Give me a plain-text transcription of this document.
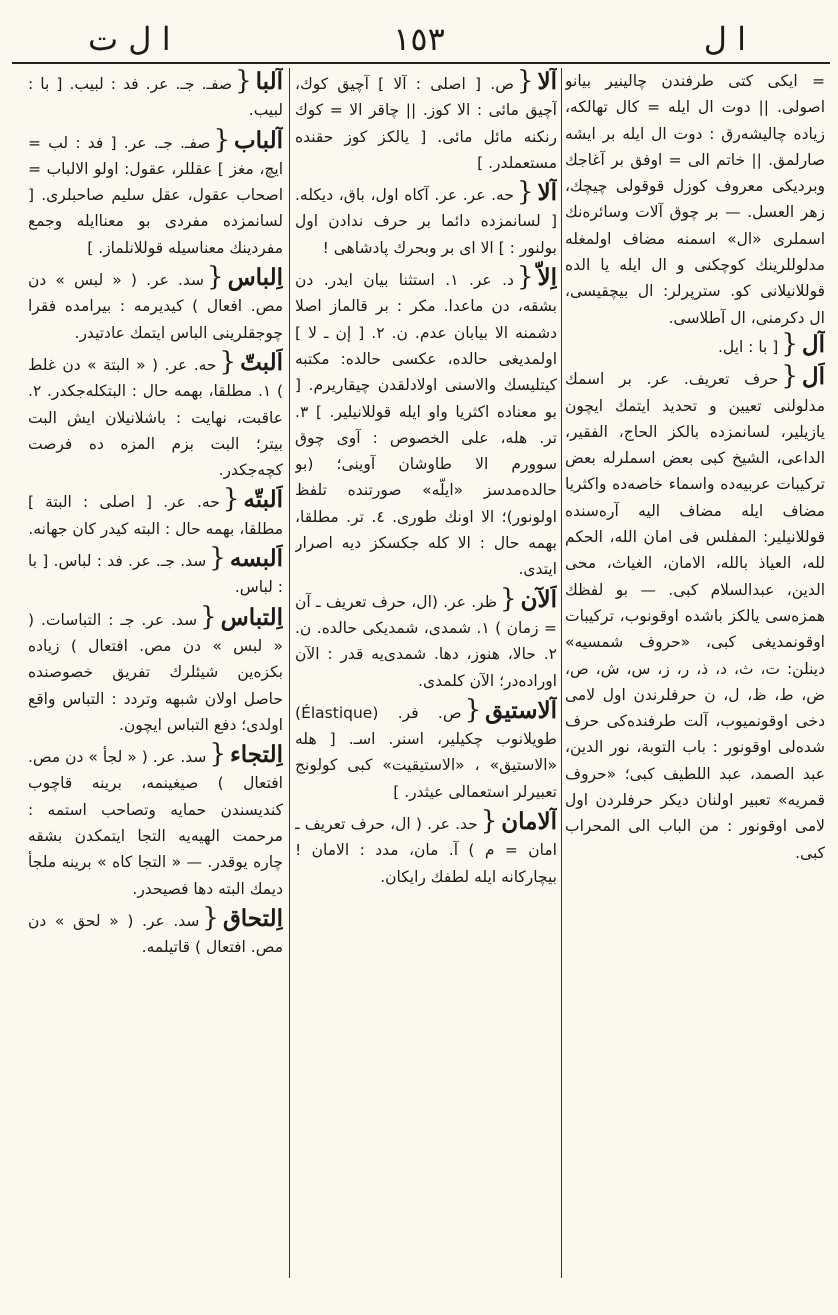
ا ل
١٥٣
ا ل ت

= ایکی کتی طرفندن چالینیر بیانو اصولی. || دوت ال ایله = کال تهالکه، زیاده چالیشه‌رق : دوت ال ایله بر ایشه صارلمق. || خاتم الی = اوفق بر آغاجك وبردیکی معروف کوزل قوقولی چیچك، زهر العسل. — بر چوق آلات وسائره‌نك اسملری «ال» اسمنه مضاف اولمغله مدلوللرینك کوچکنی و ال ایله یا الده قوللانیلانی کو. سترپرلر: ال بیچقیسی، ال دکرمنی، ال آطلاسی.

آل{[ با : ایل.
اَل{حرف تعریف. عر. بر اسمك مدلولنی تعیین و تحدید ایتمك ایچون یازیلیر، لسانمزده بالکز الحاج، الفقیر، الداعی، الشیخ کبی بعض اسملرله بعض ترکیبات عربیه‌ده واسماء خاصه‌ده واکثریا مضاف ایله مضاف الیه آره‌سنده قوللانیلیر: المفلس فی امان الله، الحکم لله، العیاذ بالله، الامان، الغیاث، محی الدین، عبدالسلام کبی. — بو لفظك همزه‌سی یالکز باشده اوقونوب، ترکیبات اوقونمدیغی کبی، «حروف شمسیه» دینلن: ت، ث، د، ذ، ر، ز، س، ش، ص، ض، ط، ظ، ل، ن حرفلرندن اول لامی دخی اوقونمیوب، آلت طرفنده‌کی حرف شده‌لی اوقونور : باب التوبة، نور الدین، عبد الصمد، عبد اللطیف کبی؛ «حروف قمریه» تعبیر اولنان دیکر حرفلردن اول لامی اوقونور : من الباب الی المحراب کبی.
آلا{ص. [ اصلی : آلا ] آچیق کوك، آچیق مائی : الا کوز. || چاقر الا = کوك رنکنه مائل مائی. [ یالکز کوز حقنده مستعملدر. ]
آلا{حه. عر. عر. آکاه اول، باق، دیکله. [ لسانمزده دائما بر حرف ندادن اول بولنور : ] الا ای بر وبحرك پادشاهی !
اِلاّ{د. عر. ١. استثنا بیان ایدر. دن بشقه، دن ماعدا. مکر : بر قالماز اصلا دشمنه الا بیابان عدم. ن. ٢. [ إن ـ لا ] اولمدیغی حالده، عکسی حالده: مکتبه کیتلیسك والاسنی اولادلقدن چیقاریرم. [ بو معناده اکثریا واو ایله قوللانیلیر. ] ٣. تر. هله، علی الخصوص : آوی چوق سوورم الا طاوشان آوینی؛ (بو حالده‌مدسز «ایلّه» صورتنده تلفظ اولونور)؛ الا اونك طوری. ٤. تر. مطلقا، بهمه حال : الا کله جکسکز دیه اصرار ایتدی.
اَلآن{ظر. عر. (ال، حرف تعریف ـ آن = زمان ) ١. شمدی، شمدیکی حالده. ن. ٢. حالا، هنوز، دها. شمدی‌یه قدر : الآن اوراده‌در؛ الآن کلمدی.
آلاستیق{ص. فر. (Élastique) طویلانوب چکیلیر، اسنر. اسـ. [ هله «الاستیق» ، «الاستیقیت» کبی کولونج تعبیرلر استعمالی عیثدر. ]
آلامان{حد. عر. ( ال، حرف تعریف ـ امان = م ) آ. مان، مدد : الامان ! بیچارکانه ایله لطفك رایکان.
آلبا{صفـ. جـ. عر. فد : لبیب. [ با : لبیب.
آلباب{صفـ. جـ. عر. [ فد : لب = ایچ، مغز ] عقللر، عقول: اولو الالباب = اصحاب عقول، عقل سلیم صاحبلری. [ لسانمزده مفردی بو معناایله وجمع مفردینك معناسیله قوللانلماز. ]
اِلباس{سد. عر. ( « لبس » دن مص. افعال ) کیدیرمه : بیرامده فقرا چوجقلرینی الباس ایتمك عادتیدر.
اَلبتّ{حه. عر. ( « البتة » دن غلط ) ١. مطلقا، بهمه حال : البتکله‌جکدر. ٢. عاقبت، نهایت : باشلانیلان ایش البت بیتر؛ البت بزم المزه ده فرصت کچه‌جکدر.
اَلبتّه{حه. عر. [ اصلی : البتة ] مطلقا، بهمه حال : البته کیدر کان جهانه.
اَلبسه{سد. جـ. عر. فد : لباس. [ با : لباس.
اِلتباس{سد. عر. جـ : التباسات. ( « لبس » دن مص. افتعال ) زیاده بکزه‌ین شیئلرك تفریق خصوصنده حاصل اولان شبهه وتردد : التباس واقع اولدی؛ دفع التباس ایچون.
اِلتجاء{سد. عر. ( « لجأ » دن مص. افتعال ) صیغینمه، برینه قاچوب کندیسندن حمایه وتصاحب استمه : مرحمت الهیه‌یه التجا ایتمکدن بشقه چاره یوقدر. — « التجا کاه » برینه ملجأ دیمك البته دها فصیحدر.
اِلتحاق{سد. عر. ( « لحق » دن مص. افتعال ) قاتیلمه.
